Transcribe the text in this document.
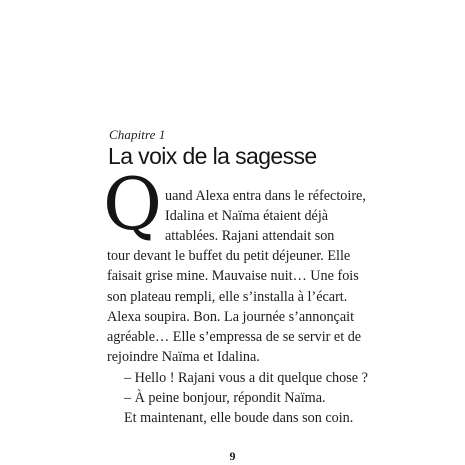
Chapitre 1
La voix de la sagesse
Q uand Alexa entra dans le réfectoire,
Idalina et Naïma étaient déjà
attablées. Rajani attendait son
tour devant le buffet du petit déjeuner. Elle
faisait grise mine. Mauvaise nuit… Une fois
son plateau rempli, elle s’installa à l’écart.
Alexa soupira. Bon. La journée s’annonçait
agréable… Elle s’empressa de se servir et de
rejoindre Naïma et Idalina.
– Hello ! Rajani vous a dit quelque chose ?
– À peine bonjour, répondit Naïma.
Et maintenant, elle boude dans son coin.
9
